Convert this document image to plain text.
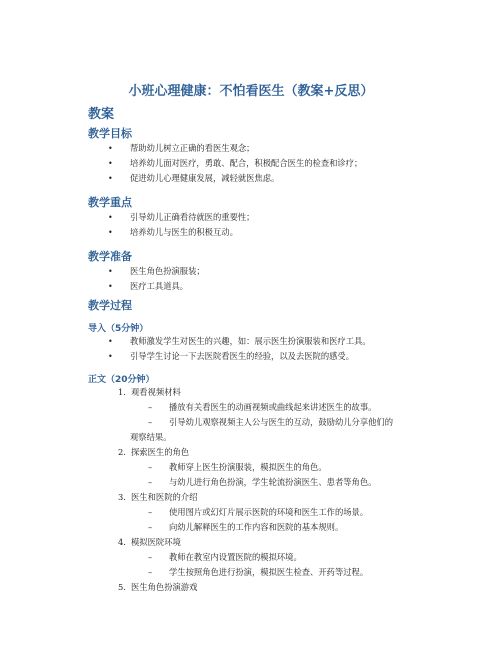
小班心理健康：不怕看医生（教案+反思）
教案
教学目标
• 帮助幼儿树立正确的看医生观念；
• 培养幼儿面对医疗，勇敢、配合，积极配合医生的检查和诊疗；
• 促进幼儿心理健康发展，减轻就医焦虑。
教学重点
• 引导幼儿正确看待就医的重要性；
• 培养幼儿与医生的积极互动。
教学准备
• 医生角色扮演服装；
• 医疗工具道具。
教学过程
导入（5分钟）
• 教师激发学生对医生的兴趣，如：展示医生扮演服装和医疗工具。
• 引导学生讨论一下去医院看医生的经验，以及去医院的感受。
正文（20分钟）
1. 观看视频材料
– 播放有关看医生的动画视频或曲线起来讲述医生的故事。
– 引导幼儿观察视频主人公与医生的互动，鼓励幼儿分享他们的
观察结果。
2. 探索医生的角色
– 教师穿上医生扮演服装，模拟医生的角色。
– 与幼儿进行角色扮演，学生轮流扮演医生、患者等角色。
3. 医生和医院的介绍
– 使用图片或幻灯片展示医院的环境和医生工作的场景。
– 向幼儿解释医生的工作内容和医院的基本规则。
4. 模拟医院环境
– 教师在教室内设置医院的模拟环境。
– 学生按照角色进行扮演，模拟医生检查、开药等过程。
5. 医生角色扮演游戏
